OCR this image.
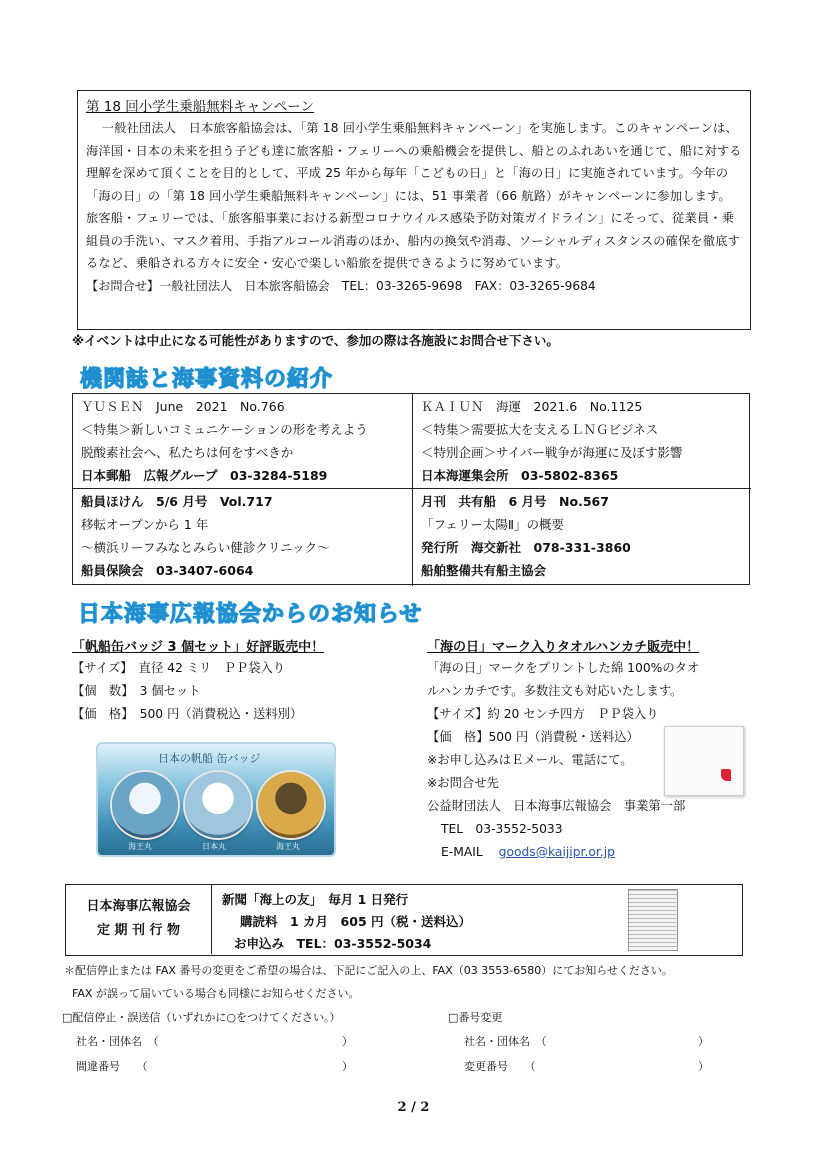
第 18 回小学生乗船無料キャンペーン

一般社団法人　日本旅客船協会は、「第 18 回小学生乗船無料キャンペーン」を実施します。このキャンペーンは、海洋国・日本の未来を担う子ども達に旅客船・フェリーへの乗船機会を提供し、船とのふれあいを通じて、船に対する理解を深めて頂くことを目的として、平成 25 年から毎年「こどもの日」と「海の日」に実施されています。今年の「海の日」の「第 18 回小学生乗船無料キャンペーン」には、51 事業者（66 航路）がキャンペーンに参加します。旅客船・フェリーでは、「旅客船事業における新型コロナウイルス感染予防対策ガイドライン」にそって、従業員・乗組員の手洗い、マスク着用、手指アルコール消毒のほか、船内の換気や消毒、ソーシャルディスタンスの確保を徹底するなど、乗船される方々に安全・安心で楽しい船旅を提供できるように努めています。

【お問合せ】一般社団法人　日本旅客船協会　TEL：03-3265-9698　FAX：03-3265-9684
※イベントは中止になる可能性がありますので、参加の際は各施設にお問合せ下さい。
機関誌と海事資料の紹介
ＹＵＳＥＮ　June　2021　No.766
＜特集＞新しいコミュニケーションの形を考えよう
脱酸素社会へ、私たちは何をすべきか
日本郵船　広報グループ　03-3284-5189
ＫＡＩＵＮ　海運　2021.6　No.1125
＜特集＞需要拡大を支えるＬＮＧビジネス
＜特別企画＞サイバー戦争が海運に及ぼす影響
日本海運集会所　03-5802-8365
船員ほけん　5/6 月号　Vol.717
移転オープンから 1 年
～横浜リーフみなとみらい健診クリニック～
船員保険会　03-3407-6064
月刊　共有船　6 月号　No.567
「フェリー太陽Ⅱ」の概要
発行所　海交新社　078-331-3860
船舶整備共有船主協会
日本海事広報協会からのお知らせ
「帆船缶バッジ 3 個セット」好評販売中！
【サイズ】　直径 42 ミリ　ＰＰ袋入り
【個　数】　3 個セット
【価　格】　500 円（消費税込・送料別）
日本の帆船 缶バッジ
海王丸	日本丸	海王丸
「海の日」マーク入りタオルハンカチ販売中！
「海の日」マークをプリントした綿 100%のタオ
ルハンカチです。多数注文も対応いたします。
【サイズ】約 20 センチ四方　ＰＰ袋入り
【価　格】500 円（消費税・送料込）
※お申し込みはＥメール、電話にて。
※お問合せ先
公益財団法人　日本海事広報協会　事業第一部
TEL　03-3552-5033
E-MAIL goods@kaijipr.or.jp
日本海事広報協会
定 期 刊 行 物
新聞「海上の友」　毎月 1 日発行
購読料　1 カ月　605 円（税・送料込）
お申込み　TEL：03-3552-5034
＊配信停止または FAX 番号の変更をご希望の場合は、下記にご記入の上、FAX（03 3553-6580）にてお知らせください。
FAX が誤って届いている場合も同様にお知らせください。
□配信停止・誤送信（いずれかに○をつけてください。）	□番号変更
社名・団体名　（	）
間違番号　　（	）
社名・団体名　（	）
変更番号　　（	）
2 / 2
